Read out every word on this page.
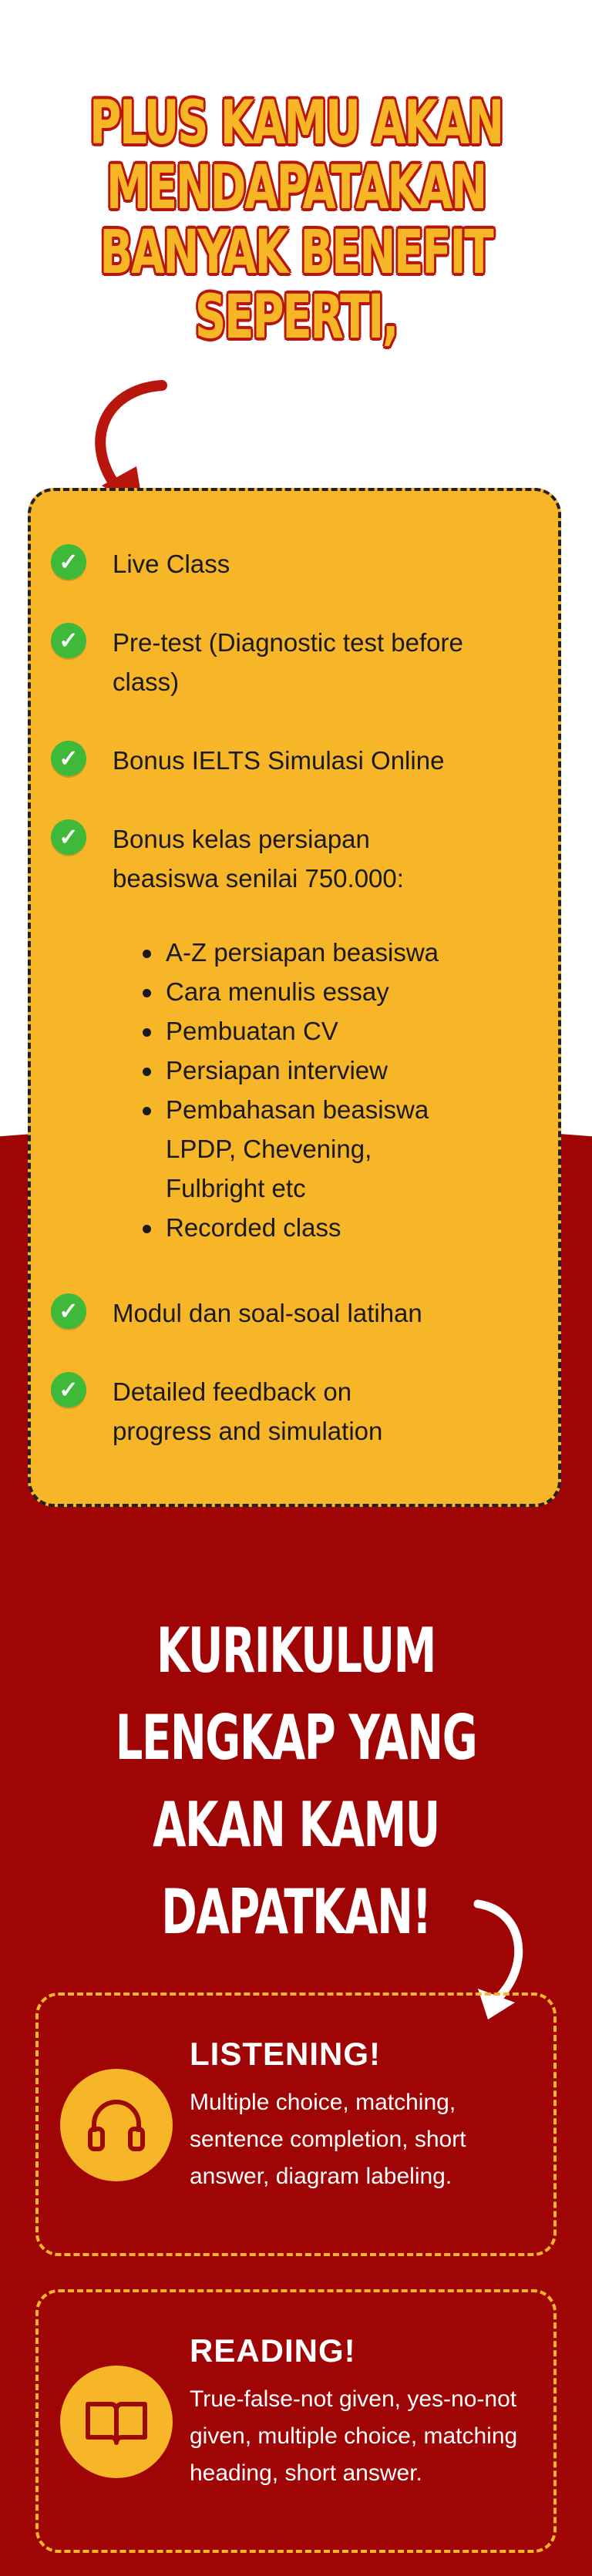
PLUS KAMU AKAN
MENDAPATAKAN
BANYAK BENEFIT
SEPERTI,
✓	Live Class
✓	Pre-test (Diagnostic test before class)
✓	Bonus IELTS Simulasi Online
✓	Bonus kelas persiapan beasiswa senilai 750.000:
A-Z persiapan beasiswa
Cara menulis essay
Pembuatan CV
Persiapan interview
Pembahasan beasiswa LPDP, Chevening, Fulbright etc
Recorded class
✓	Modul dan soal-soal latihan
✓	Detailed feedback on progress and simulation
KURIKULUM
LENGKAP YANG
AKAN KAMU
DAPATKAN!
LISTENING!
Multiple choice, matching, sentence completion, short answer, diagram labeling.
READING!
True-false-not given, yes-no-not given, multiple choice, matching heading, short answer.
